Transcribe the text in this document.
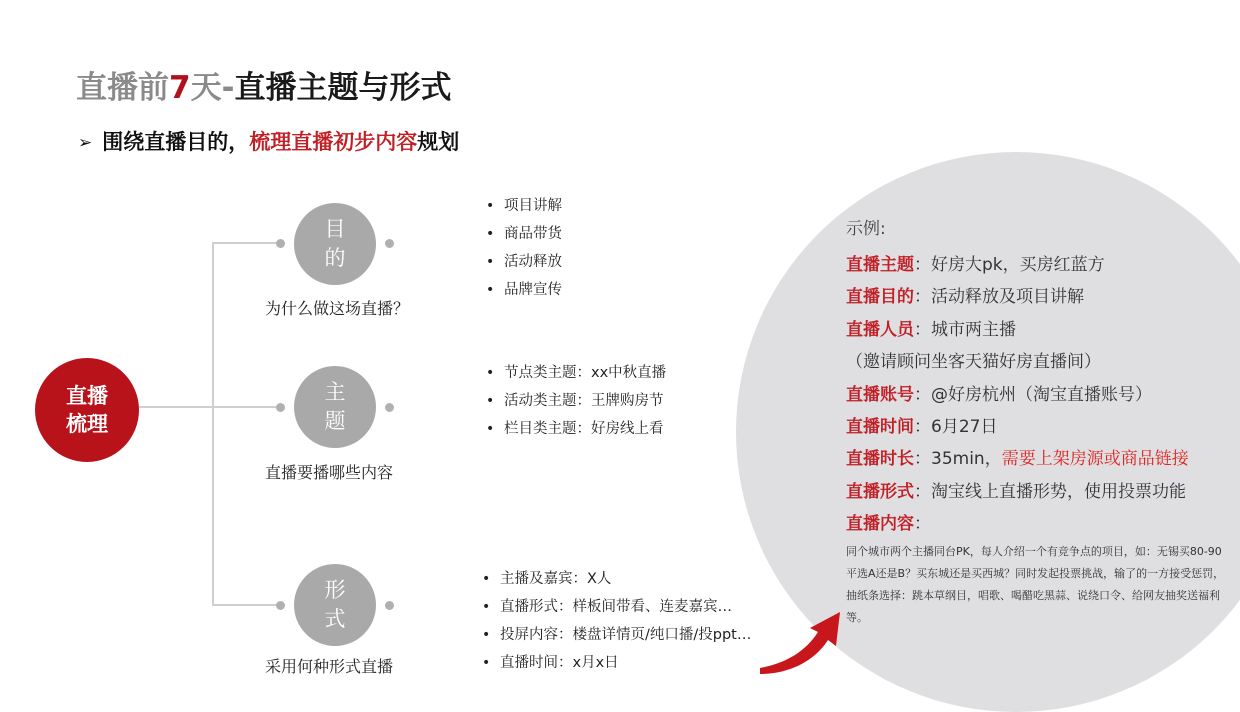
直播前7天-直播主题与形式
➢ 围绕直播目的，梳理直播初步内容规划
直播
梳理
目
的
为什么做这场直播？
• 项目讲解
• 商品带货
• 活动释放
• 品牌宣传
主
题
直播要播哪些内容
• 节点类主题：xx中秋直播
• 活动类主题：王牌购房节
• 栏目类主题：好房线上看
形
式
采用何种形式直播
• 主播及嘉宾：X人
• 直播形式：样板间带看、连麦嘉宾…
• 投屏内容：楼盘详情页/纯口播/投ppt…
• 直播时间：x月x日
示例:
直播主题：好房大pk，买房红蓝方
直播目的：活动释放及项目讲解
直播人员：城市两主播
（邀请顾问坐客天猫好房直播间）
直播账号：@好房杭州（淘宝直播账号）
直播时间：6月27日
直播时长：35min，需要上架房源或商品链接
直播形式：淘宝线上直播形势，使用投票功能
直播内容：
同个城市两个主播同台PK，每人介绍一个有竞争点的项目，如：无锡买80-90平选A还是B？买东城还是买西城？同时发起投票挑战，输了的一方接受惩罚，抽纸条选择：跳本草纲目，唱歌、喝醋吃黑蒜、说绕口令、给网友抽奖送福利等。
